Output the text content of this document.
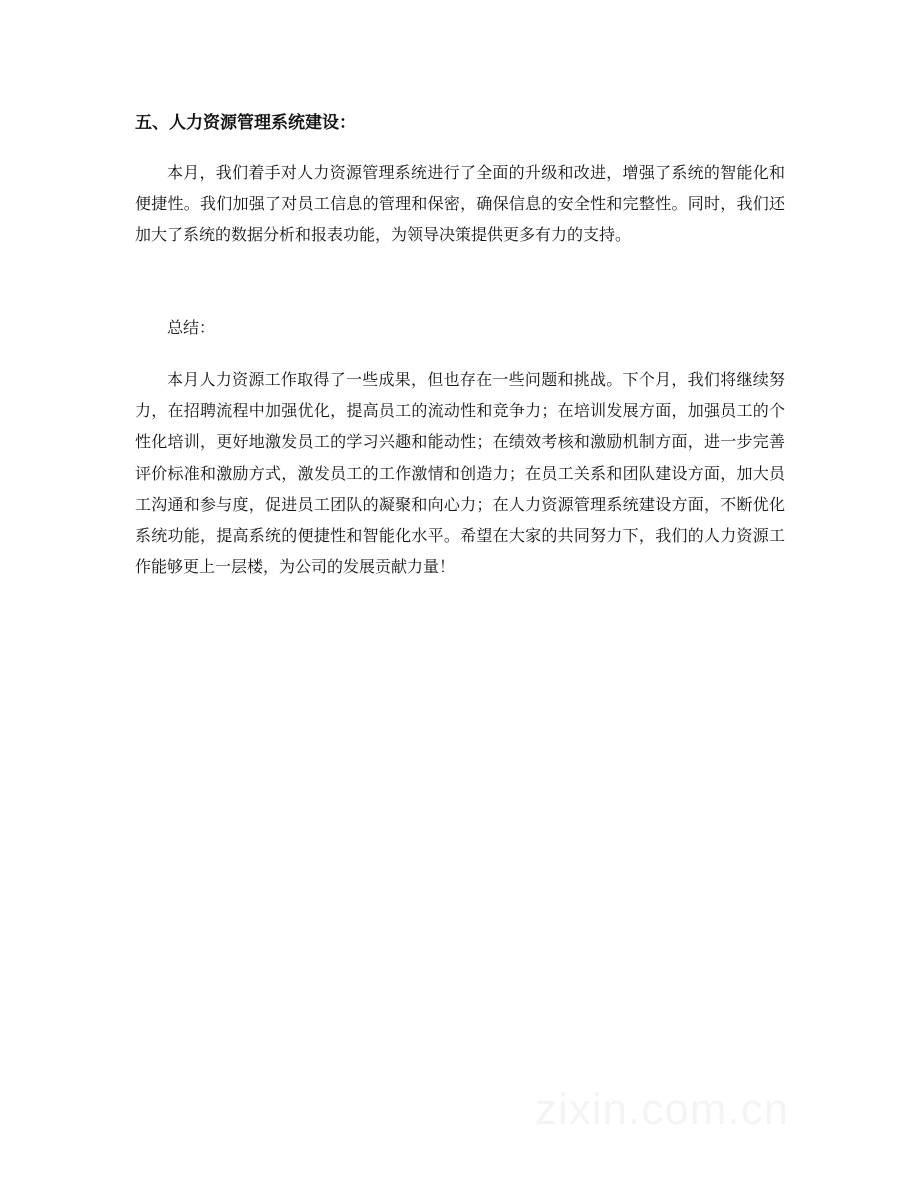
五、人力资源管理系统建设：

本月，我们着手对人力资源管理系统进行了全面的升级和改进，增强了系统的智能化和便捷性。我们加强了对员工信息的管理和保密，确保信息的安全性和完整性。同时，我们还加大了系统的数据分析和报表功能，为领导决策提供更多有力的支持。

总结：

本月人力资源工作取得了一些成果，但也存在一些问题和挑战。下个月，我们将继续努力，在招聘流程中加强优化，提高员工的流动性和竞争力；在培训发展方面，加强员工的个性化培训，更好地激发员工的学习兴趣和能动性；在绩效考核和激励机制方面，进一步完善评价标准和激励方式，激发员工的工作激情和创造力；在员工关系和团队建设方面，加大员工沟通和参与度，促进员工团队的凝聚和向心力；在人力资源管理系统建设方面，不断优化系统功能，提高系统的便捷性和智能化水平。希望在大家的共同努力下，我们的人力资源工作能够更上一层楼，为公司的发展贡献力量！
